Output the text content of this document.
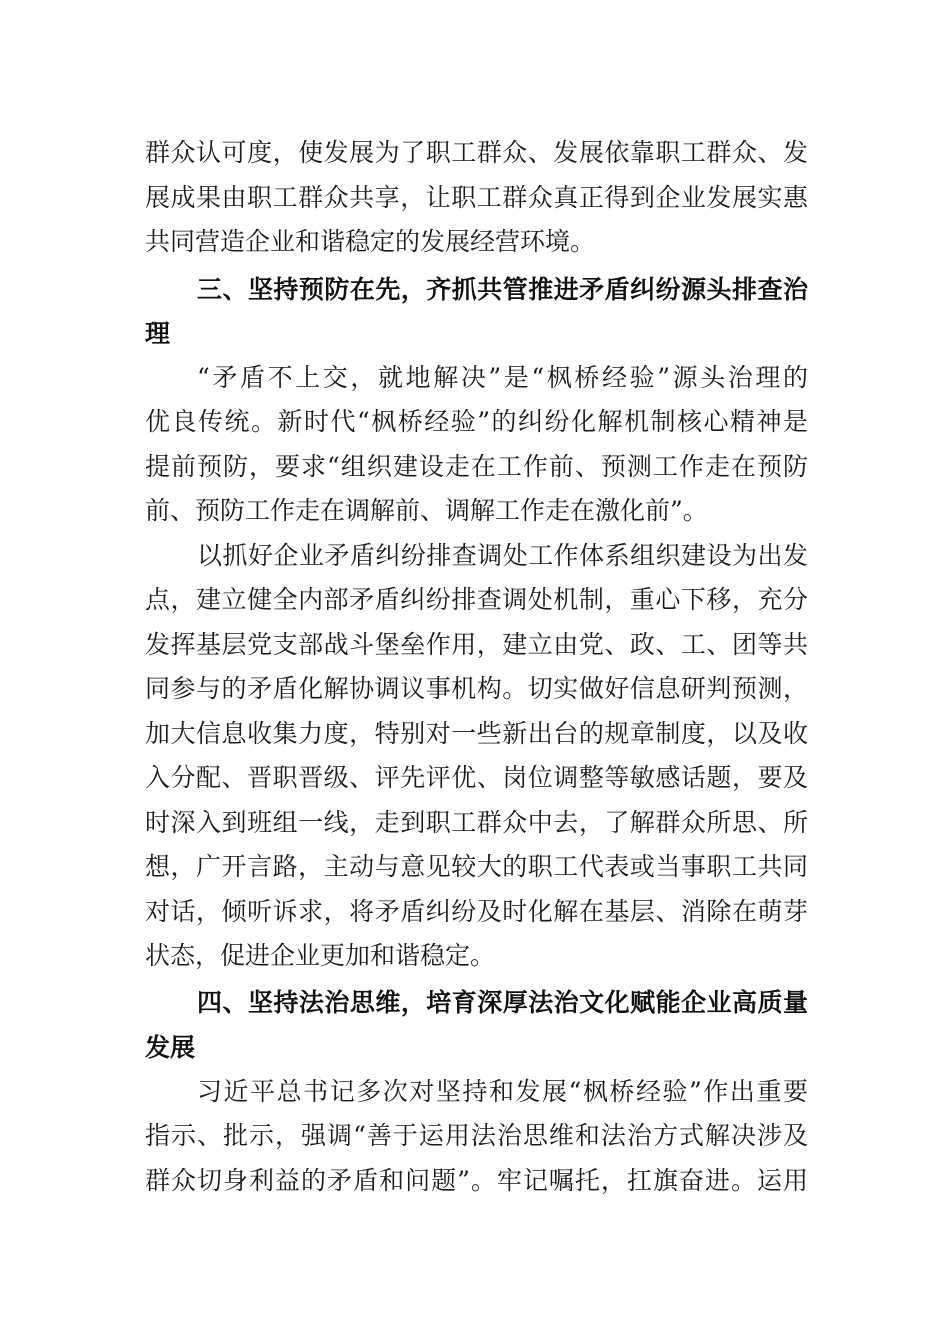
群众认可度，使发展为了职工群众、发展依靠职工群众、发
展成果由职工群众共享，让职工群众真正得到企业发展实惠
共同营造企业和谐稳定的发展经营环境。
三、坚持预防在先，齐抓共管推进矛盾纠纷源头排查治
理
“矛盾不上交，就地解决”是“枫桥经验”源头治理的
优良传统。新时代“枫桥经验”的纠纷化解机制核心精神是
提前预防，要求“组织建设走在工作前、预测工作走在预防
前、预防工作走在调解前、调解工作走在激化前”。
以抓好企业矛盾纠纷排查调处工作体系组织建设为出发
点，建立健全内部矛盾纠纷排查调处机制，重心下移，充分
发挥基层党支部战斗堡垒作用，建立由党、政、工、团等共
同参与的矛盾化解协调议事机构。切实做好信息研判预测，
加大信息收集力度，特别对一些新出台的规章制度，以及收
入分配、晋职晋级、评先评优、岗位调整等敏感话题，要及
时深入到班组一线，走到职工群众中去，了解群众所思、所
想，广开言路，主动与意见较大的职工代表或当事职工共同
对话，倾听诉求，将矛盾纠纷及时化解在基层、消除在萌芽
状态，促进企业更加和谐稳定。
四、坚持法治思维，培育深厚法治文化赋能企业高质量
发展
习近平总书记多次对坚持和发展“枫桥经验”作出重要
指示、批示，强调“善于运用法治思维和法治方式解决涉及
群众切身利益的矛盾和问题”。牢记嘱托，扛旗奋进。运用
